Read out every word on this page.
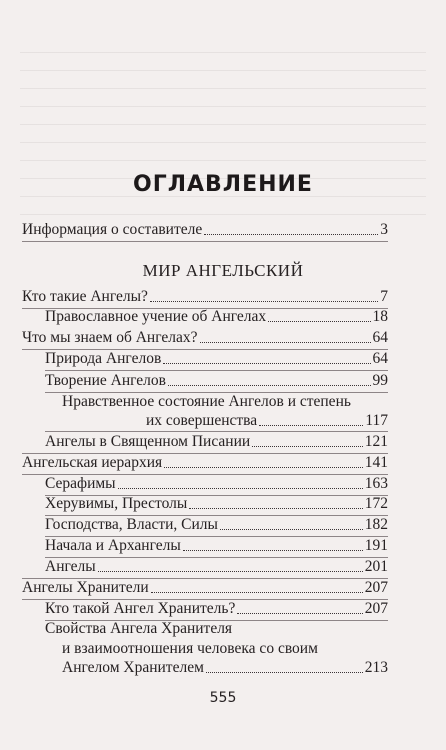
ОГЛАВЛЕНИЕ
Информация о составителе	3
МИР АНГЕЛЬСКИЙ
Кто такие Ангелы?	7
Православное учение об Ангелах	18
Что мы знаем об Ангелах?	64
Природа Ангелов	64
Творение Ангелов	99
Нравственное состояние Ангелов и степень
их совершенства	117
Ангелы в Священном Писании	121
Ангельская иерархия	141
Серафимы	163
Херувимы, Престолы	172
Господства, Власти, Силы	182
Начала и Архангелы	191
Ангелы	201
Ангелы Хранители	207
Кто такой Ангел Хранитель?	207
Свойства Ангела Хранителя
и взаимоотношения человека со своим
Ангелом Хранителем	213
555
